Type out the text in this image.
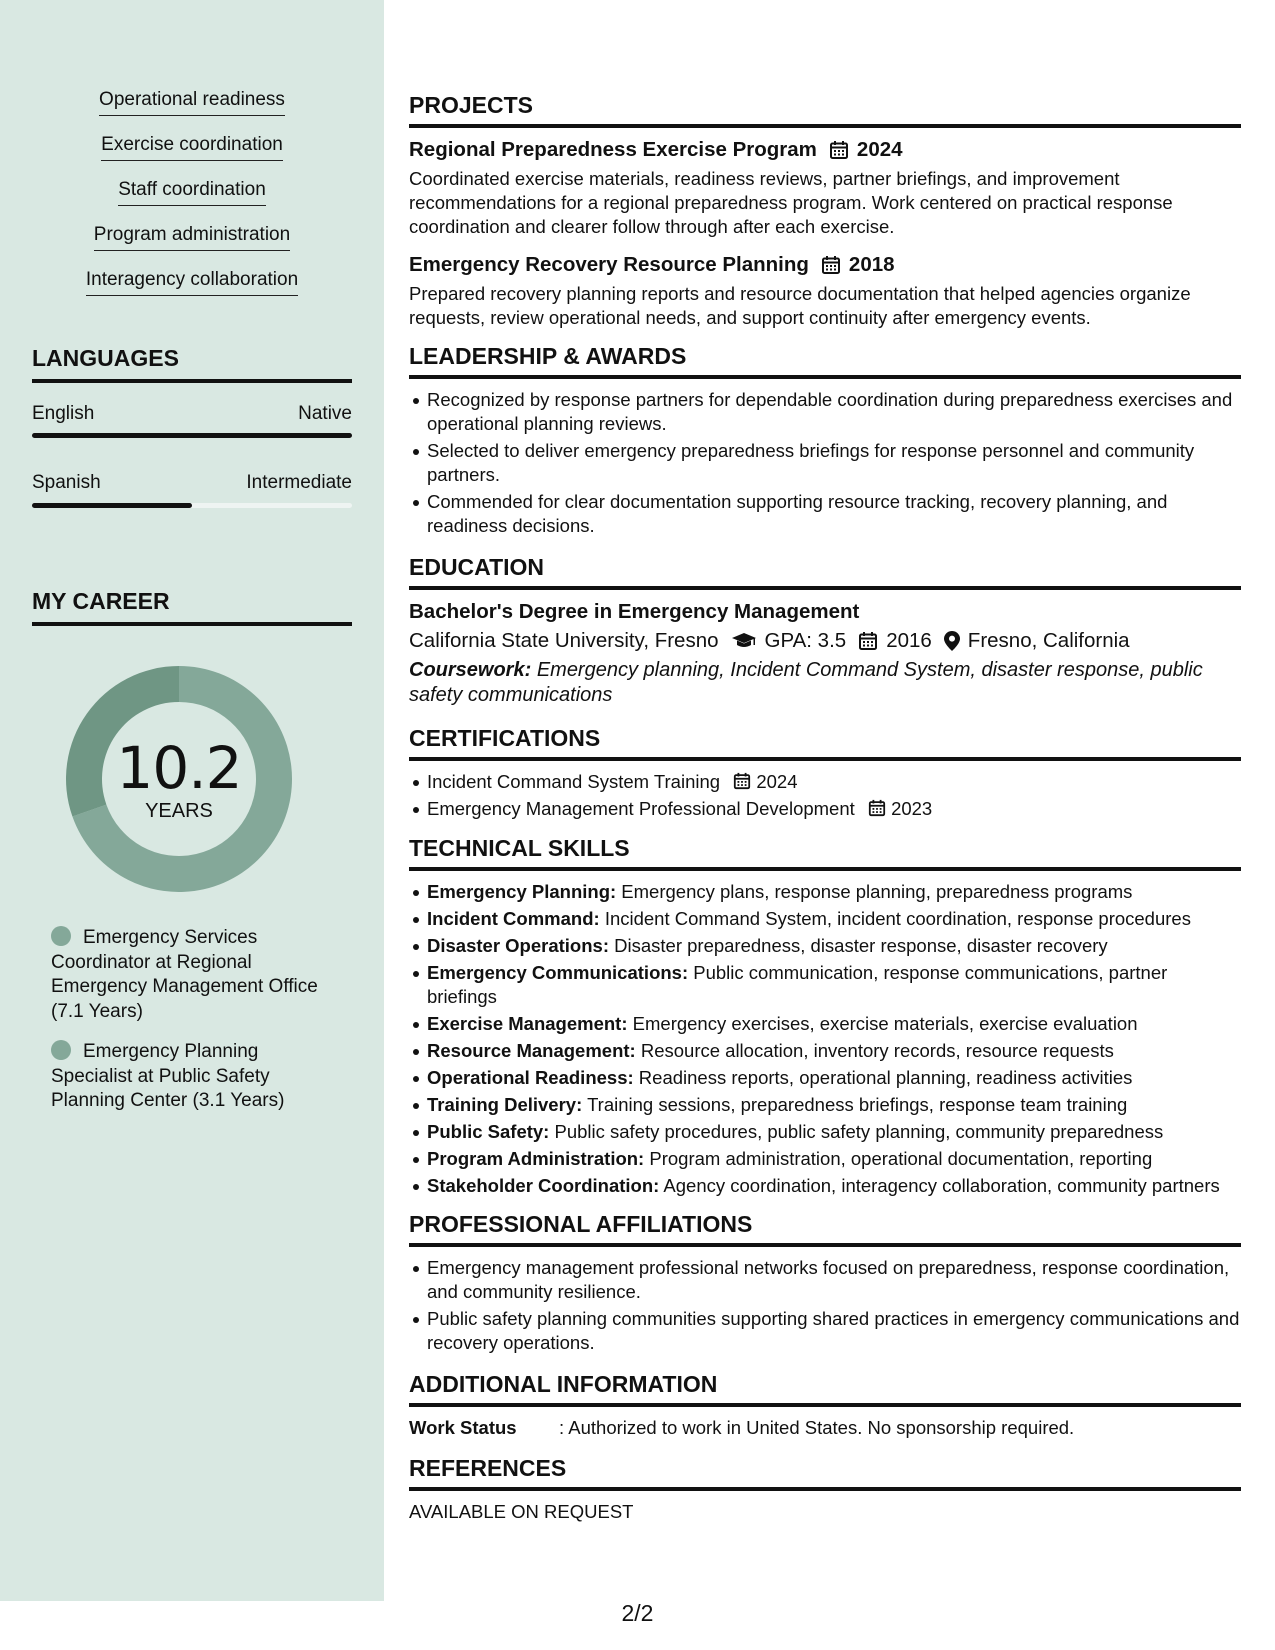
Operational readiness
Exercise coordination
Staff coordination
Program administration
Interagency collaboration
LANGUAGES
English	Native
Spanish	Intermediate
MY CAREER
10.2
YEARS
Emergency Services Coordinator at Regional Emergency Management Office (7.1 Years)
Emergency Planning Specialist at Public Safety Planning Center (3.1 Years)
PROJECTS
Regional Preparedness Exercise Program 2024
Coordinated exercise materials, readiness reviews, partner briefings, and improvement recommendations for a regional preparedness program. Work centered on practical response coordination and clearer follow through after each exercise.
Emergency Recovery Resource Planning 2018
Prepared recovery planning reports and resource documentation that helped agencies organize requests, review operational needs, and support continuity after emergency events.
LEADERSHIP & AWARDS
Recognized by response partners for dependable coordination during preparedness exercises and operational planning reviews.
Selected to deliver emergency preparedness briefings for response personnel and community partners.
Commended for clear documentation supporting resource tracking, recovery planning, and readiness decisions.
EDUCATION
Bachelor's Degree in Emergency Management
California State University, Fresno GPA: 3.5 2016 Fresno, California
Coursework: Emergency planning, Incident Command System, disaster response, public safety communications
CERTIFICATIONS
Incident Command System Training 2024
Emergency Management Professional Development 2023
TECHNICAL SKILLS
Emergency Planning: Emergency plans, response planning, preparedness programs
Incident Command: Incident Command System, incident coordination, response procedures
Disaster Operations: Disaster preparedness, disaster response, disaster recovery
Emergency Communications: Public communication, response communications, partner briefings
Exercise Management: Emergency exercises, exercise materials, exercise evaluation
Resource Management: Resource allocation, inventory records, resource requests
Operational Readiness: Readiness reports, operational planning, readiness activities
Training Delivery: Training sessions, preparedness briefings, response team training
Public Safety: Public safety procedures, public safety planning, community preparedness
Program Administration: Program administration, operational documentation, reporting
Stakeholder Coordination: Agency coordination, interagency collaboration, community partners
PROFESSIONAL AFFILIATIONS
Emergency management professional networks focused on preparedness, response coordination, and community resilience.
Public safety planning communities supporting shared practices in emergency communications and recovery operations.
ADDITIONAL INFORMATION
Work Status	: Authorized to work in United States. No sponsorship required.
REFERENCES
AVAILABLE ON REQUEST
2/2
